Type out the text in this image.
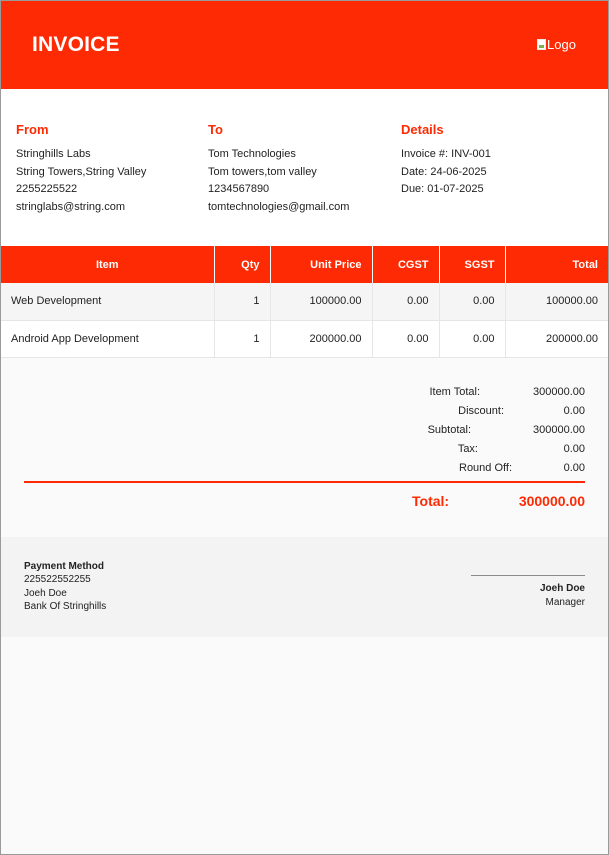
INVOICE	Logo
From
Stringhills Labs
String Towers,String Valley
2255225522
stringlabs@string.com
To
Tom Technologies
Tom towers,tom valley
1234567890
tomtechnologies@gmail.com
Details
Invoice #: INV-001
Date: 24-06-2025
Due: 01-07-2025
Item	Qty	Unit Price	CGST	SGST	Total
Web Development	1	100000.00	0.00	0.00	100000.00
Android App Development	1	200000.00	0.00	0.00	200000.00
Item Total:	300000.00
Discount:	0.00
Subtotal:	300000.00
Tax:	0.00
Round Off:	0.00
Total:	300000.00
Payment Method
225522552255
Joeh Doe
Bank Of Stringhills
Joeh Doe
Manager
